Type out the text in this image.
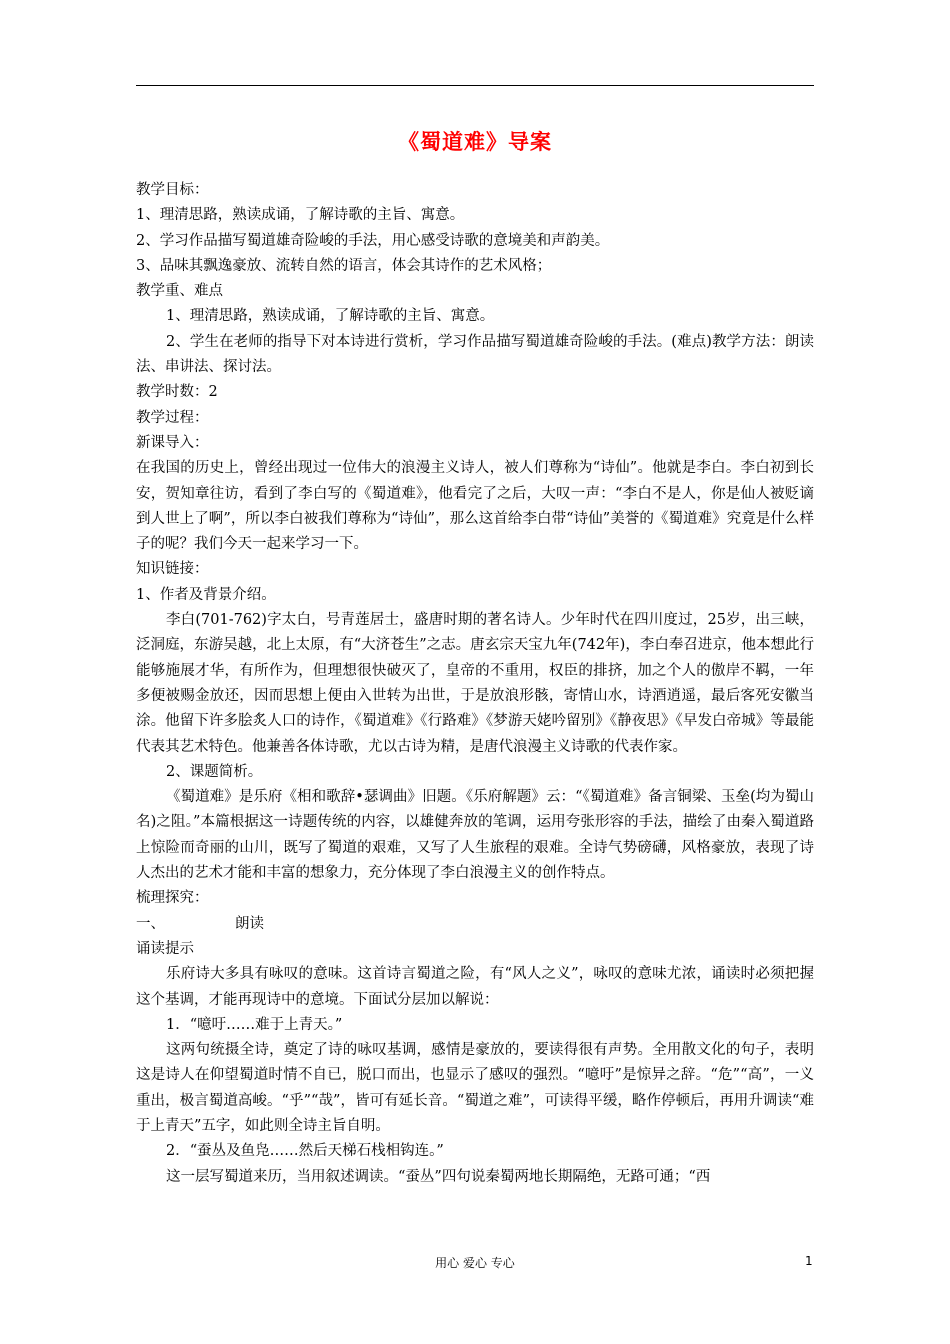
《蜀道难》导案

教学目标：

1、理清思路，熟读成诵，了解诗歌的主旨、寓意。

2、学习作品描写蜀道雄奇险峻的手法，用心感受诗歌的意境美和声韵美。

3、品味其飘逸豪放、流转自然的语言，体会其诗作的艺术风格；

教学重、难点

1、理清思路，熟读成诵，了解诗歌的主旨、寓意。

2、学生在老师的指导下对本诗进行赏析，学习作品描写蜀道雄奇险峻的手法。(难点)教学方法：朗读法、串讲法、探讨法。

教学时数：2

教学过程：

新课导入：

在我国的历史上，曾经出现过一位伟大的浪漫主义诗人，被人们尊称为“诗仙”。他就是李白。李白初到长安，贺知章往访，看到了李白写的《蜀道难》，他看完了之后，大叹一声：“李白不是人，你是仙人被贬谪到人世上了啊”，所以李白被我们尊称为“诗仙”，那么这首给李白带“诗仙”美誉的《蜀道难》究竟是什么样子的呢？我们今天一起来学习一下。

知识链接：

1、作者及背景介绍。

李白(701-762)字太白，号青莲居士，盛唐时期的著名诗人。少年时代在四川度过，25岁，出三峡，泛洞庭，东游吴越，北上太原，有“大济苍生”之志。唐玄宗天宝九年(742年)，李白奉召进京，他本想此行能够施展才华，有所作为，但理想很快破灭了，皇帝的不重用，权臣的排挤，加之个人的傲岸不羁，一年多便被赐金放还，因而思想上便由入世转为出世，于是放浪形骸，寄情山水，诗酒逍遥，最后客死安徽当涂。他留下许多脍炙人口的诗作，《蜀道难》《行路难》《梦游天姥吟留别》《静夜思》《早发白帝城》等最能代表其艺术特色。他兼善各体诗歌，尤以古诗为精，是唐代浪漫主义诗歌的代表作家。

2、课题简析。

《蜀道难》是乐府《相和歌辞•瑟调曲》旧题。《乐府解题》云：“《蜀道难》备言铜梁、玉垒(均为蜀山名)之阻。”本篇根据这一诗题传统的内容，以雄健奔放的笔调，运用夸张形容的手法，描绘了由秦入蜀道路上惊险而奇丽的山川，既写了蜀道的艰难，又写了人生旅程的艰难。全诗气势磅礴，风格豪放，表现了诗人杰出的艺术才能和丰富的想象力，充分体现了李白浪漫主义的创作特点。

梳理探究：

一、	朗读

诵读提示

乐府诗大多具有咏叹的意味。这首诗言蜀道之险，有“风人之义”，咏叹的意味尤浓，诵读时必须把握这个基调，才能再现诗中的意境。下面试分层加以解说：

1．“噫吁……难于上青天。”

这两句统摄全诗，奠定了诗的咏叹基调，感情是豪放的，要读得很有声势。全用散文化的句子，表明这是诗人在仰望蜀道时情不自已，脱口而出，也显示了感叹的强烈。“噫吁”是惊异之辞。“危”“高”，一义重出，极言蜀道高峻。“乎”“哉”，皆可有延长音。“蜀道之难”，可读得平缓，略作停顿后，再用升调读“难于上青天”五字，如此则全诗主旨自明。

2．“蚕丛及鱼凫……然后天梯石栈相钩连。”

这一层写蜀道来历，当用叙述调读。“蚕丛”四句说秦蜀两地长期隔绝，无路可通；“西

用心 爱心 专心	1
